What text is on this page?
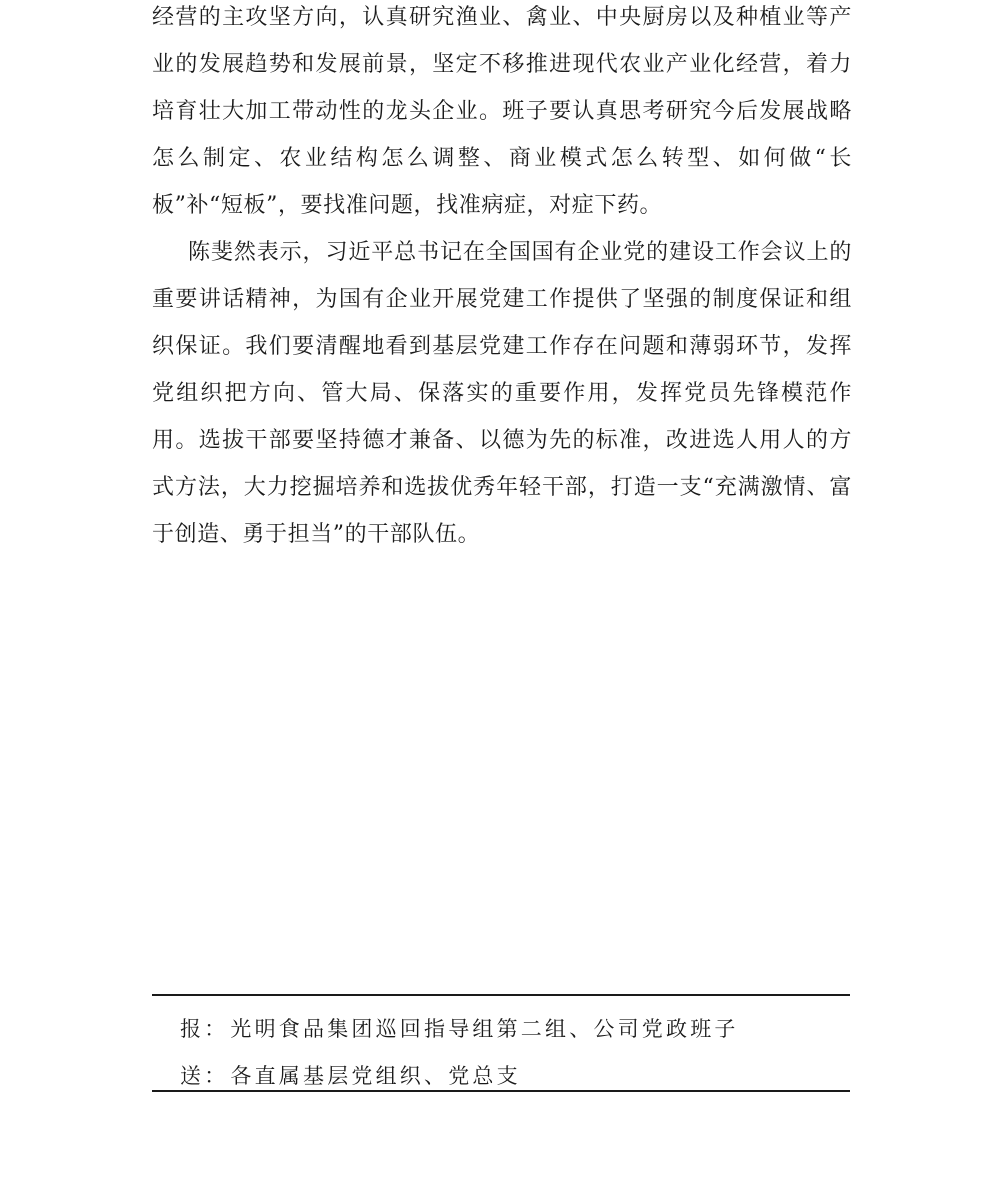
经营的主攻坚方向，认真研究渔业、禽业、中央厨房以及种植业等产业的发展趋势和发展前景，坚定不移推进现代农业产业化经营，着力培育壮大加工带动性的龙头企业。班子要认真思考研究今后发展战略怎么制定、农业结构怎么调整、商业模式怎么转型、如何做“长板”补“短板”，要找准问题，找准病症，对症下药。

陈斐然表示，习近平总书记在全国国有企业党的建设工作会议上的重要讲话精神，为国有企业开展党建工作提供了坚强的制度保证和组织保证。我们要清醒地看到基层党建工作存在问题和薄弱环节，发挥党组织把方向、管大局、保落实的重要作用，发挥党员先锋模范作用。选拔干部要坚持德才兼备、以德为先的标准，改进选人用人的方式方法，大力挖掘培养和选拔优秀年轻干部，打造一支“充满激情、富于创造、勇于担当”的干部队伍。

报：光明食品集团巡回指导组第二组、公司党政班子
送：各直属基层党组织、党总支
